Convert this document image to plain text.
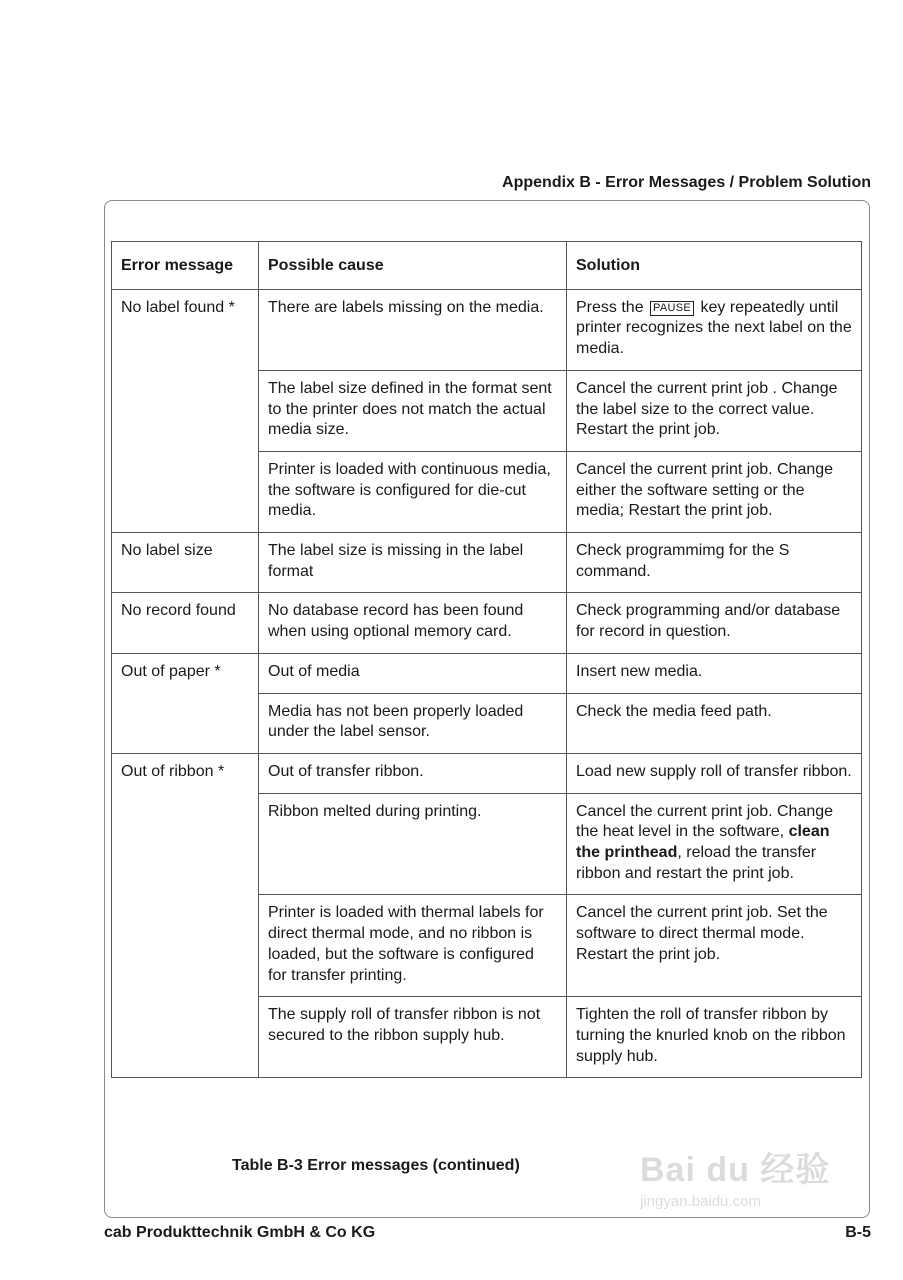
Appendix B - Error Messages / Problem Solution
Error message	Possible cause	Solution
No label found *	There are labels missing on the media.	Press the PAUSE key repeatedly until printer recognizes the next label on the media.
	The label size defined in the format sent to the printer does not match the actual media size.	Cancel the current print job . Change the label size to the correct value. Restart the print job.
	Printer is loaded with continuous media, the software is configured for die-cut media.	Cancel the current print job. Change either the software setting or the media; Restart the print job.
No label size	The label size is missing in the label format	Check programmimg for the S command.
No record found	No database record has been found when using optional memory card.	Check programming and/or database for record in question.
Out of paper *	Out of media	Insert new media.
	Media has not been properly loaded under the label sensor.	Check the media feed path.
Out of ribbon *	Out of transfer ribbon.	Load new supply roll of transfer ribbon.
	Ribbon melted during printing.	Cancel the current print job. Change the heat level in the software, clean the printhead, reload the transfer ribbon and restart the print job.
	Printer is loaded with thermal labels for direct thermal mode, and no ribbon is loaded, but the software is configured for transfer printing.	Cancel the current print job. Set the software to direct thermal mode. Restart the print job.
	The supply roll of transfer ribbon is not secured to the ribbon supply hub.	Tighten the roll of transfer ribbon by turning the knurled knob on the ribbon supply hub.
Table B-3 Error messages (continued)	Bai du 经验
jingyan.baidu.com
cab Produkttechnik GmbH & Co KG	B-5
